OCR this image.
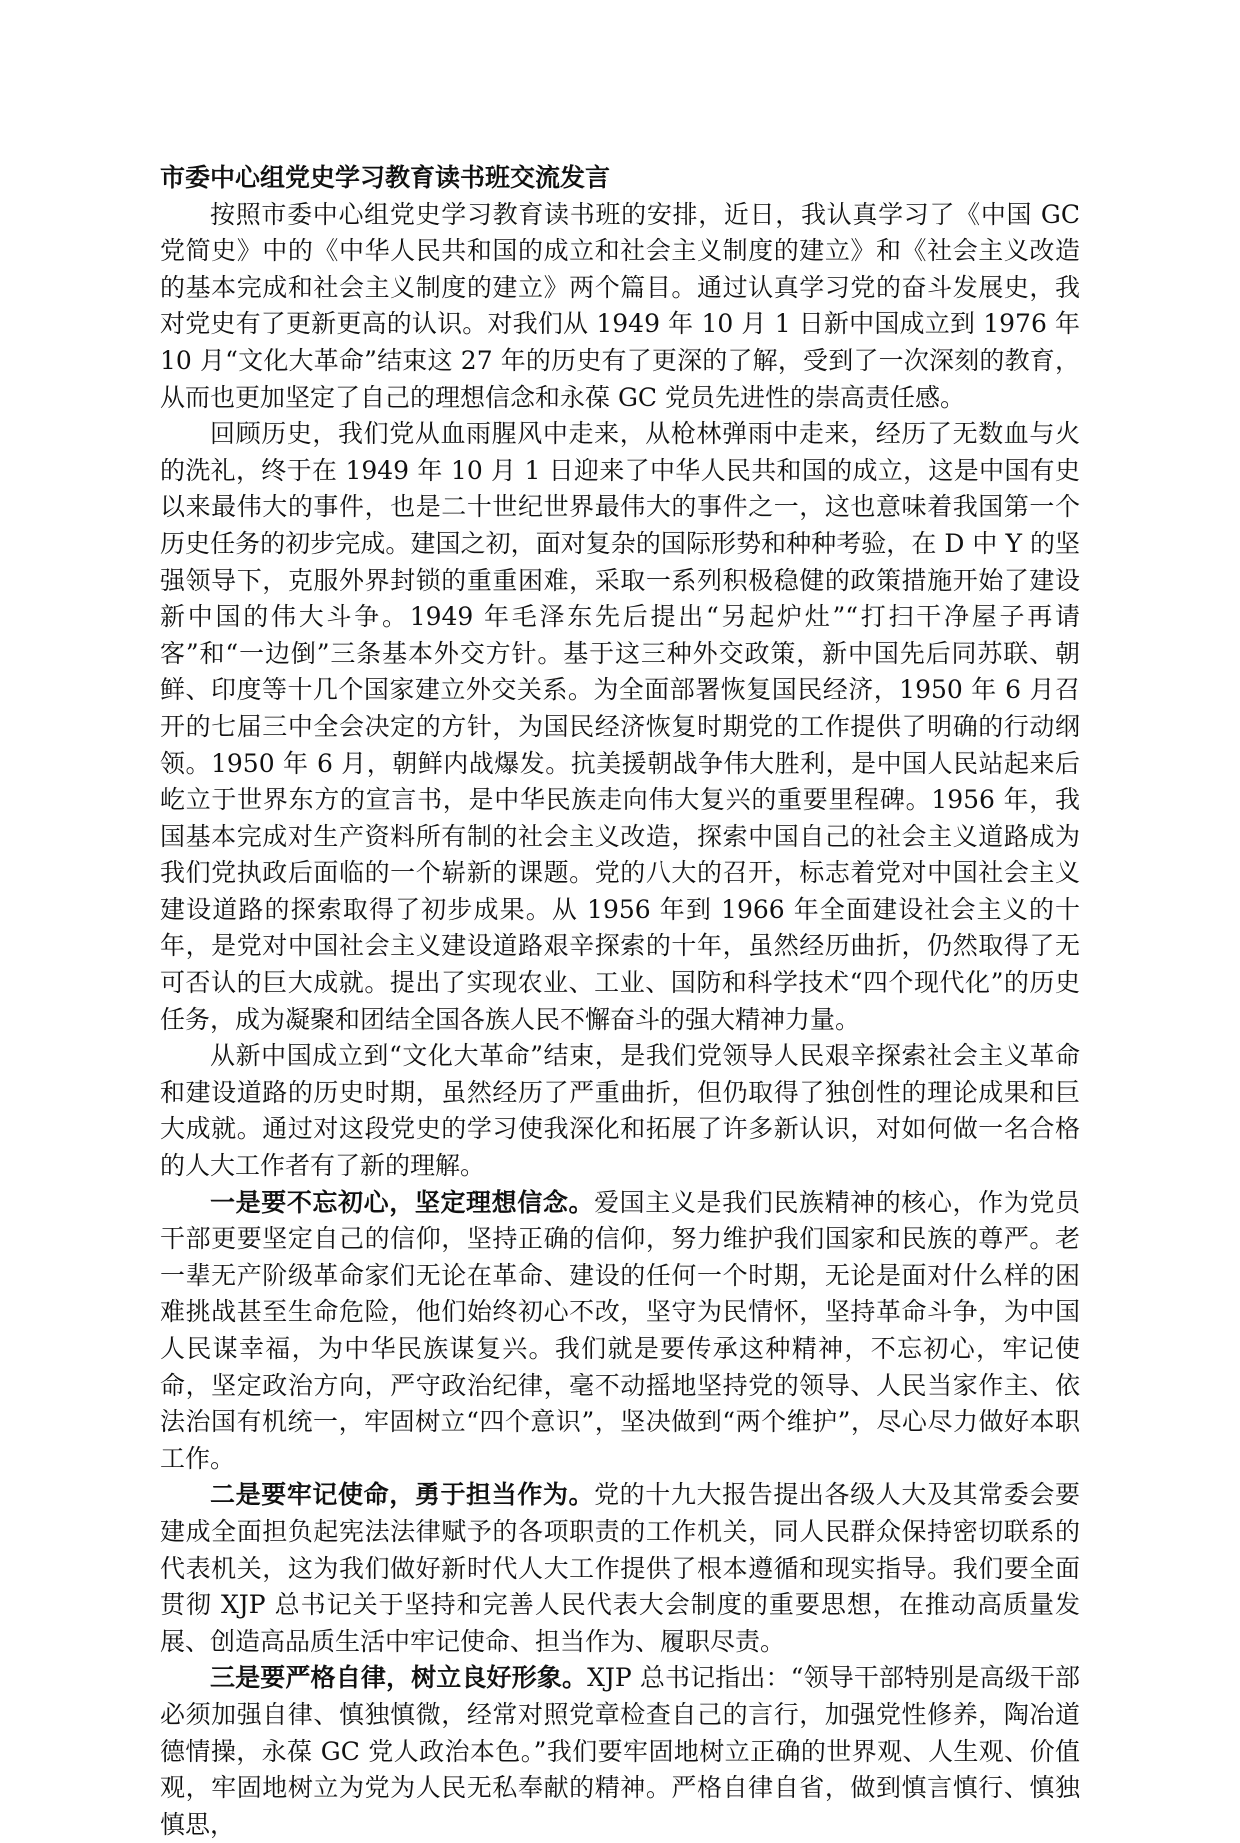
市委中心组党史学习教育读书班交流发言

按照市委中心组党史学习教育读书班的安排，近日，我认真学习了《中国 GC党简史》中的《中华人民共和国的成立和社会主义制度的建立》和《社会主义改造的基本完成和社会主义制度的建立》两个篇目。通过认真学习党的奋斗发展史，我对党史有了更新更高的认识。对我们从 1949 年 10 月 1 日新中国成立到 1976 年 10 月“文化大革命”结束这 27 年的历史有了更深的了解，受到了一次深刻的教育，从而也更加坚定了自己的理想信念和永葆 GC 党员先进性的崇高责任感。

回顾历史，我们党从血雨腥风中走来，从枪林弹雨中走来，经历了无数血与火的洗礼，终于在 1949 年 10 月 1 日迎来了中华人民共和国的成立，这是中国有史以来最伟大的事件，也是二十世纪世界最伟大的事件之一，这也意味着我国第一个历史任务的初步完成。建国之初，面对复杂的国际形势和种种考验，在 D 中 Y 的坚强领导下，克服外界封锁的重重困难，采取一系列积极稳健的政策措施开始了建设新中国的伟大斗争。1949 年毛泽东先后提出“另起炉灶”“打扫干净屋子再请客”和“一边倒”三条基本外交方针。基于这三种外交政策，新中国先后同苏联、朝鲜、印度等十几个国家建立外交关系。为全面部署恢复国民经济，1950 年 6 月召开的七届三中全会决定的方针，为国民经济恢复时期党的工作提供了明确的行动纲领。1950 年 6 月，朝鲜内战爆发。抗美援朝战争伟大胜利，是中国人民站起来后屹立于世界东方的宣言书，是中华民族走向伟大复兴的重要里程碑。1956 年，我国基本完成对生产资料所有制的社会主义改造，探索中国自己的社会主义道路成为我们党执政后面临的一个崭新的课题。党的八大的召开，标志着党对中国社会主义建设道路的探索取得了初步成果。从 1956 年到 1966 年全面建设社会主义的十年，是党对中国社会主义建设道路艰辛探索的十年，虽然经历曲折，仍然取得了无可否认的巨大成就。提出了实现农业、工业、国防和科学技术“四个现代化”的历史任务，成为凝聚和团结全国各族人民不懈奋斗的强大精神力量。

从新中国成立到“文化大革命”结束，是我们党领导人民艰辛探索社会主义革命和建设道路的历史时期，虽然经历了严重曲折，但仍取得了独创性的理论成果和巨大成就。通过对这段党史的学习使我深化和拓展了许多新认识，对如何做一名合格的人大工作者有了新的理解。

一是要不忘初心，坚定理想信念。爱国主义是我们民族精神的核心，作为党员干部更要坚定自己的信仰，坚持正确的信仰，努力维护我们国家和民族的尊严。老一辈无产阶级革命家们无论在革命、建设的任何一个时期，无论是面对什么样的困难挑战甚至生命危险，他们始终初心不改，坚守为民情怀，坚持革命斗争，为中国人民谋幸福，为中华民族谋复兴。我们就是要传承这种精神，不忘初心，牢记使命，坚定政治方向，严守政治纪律，毫不动摇地坚持党的领导、人民当家作主、依法治国有机统一，牢固树立“四个意识”，坚决做到“两个维护”，尽心尽力做好本职工作。

二是要牢记使命，勇于担当作为。党的十九大报告提出各级人大及其常委会要建成全面担负起宪法法律赋予的各项职责的工作机关，同人民群众保持密切联系的代表机关，这为我们做好新时代人大工作提供了根本遵循和现实指导。我们要全面贯彻 XJP 总书记关于坚持和完善人民代表大会制度的重要思想，在推动高质量发展、创造高品质生活中牢记使命、担当作为、履职尽责。

三是要严格自律，树立良好形象。XJP 总书记指出：“领导干部特别是高级干部必须加强自律、慎独慎微，经常对照党章检查自己的言行，加强党性修养，陶冶道德情操，永葆 GC 党人政治本色。”我们要牢固地树立正确的世界观、人生观、价值观，牢固地树立为党为人民无私奉献的精神。严格自律自省，做到慎言慎行、慎独慎思，
